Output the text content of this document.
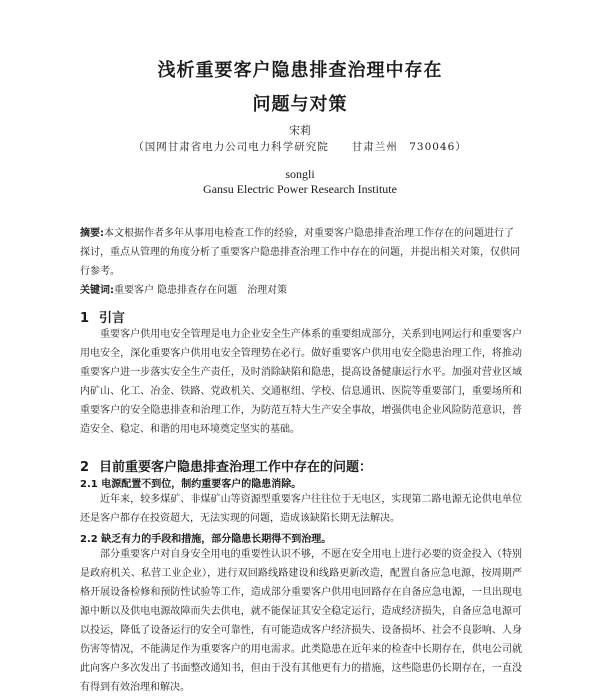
浅析重要客户隐患排查治理中存在
问题与对策
宋莉
（国网甘肃省电力公司电力科学研究院　　甘肃兰州　730046）
songli
Gansu Electric Power Research Institute
摘要:本文根据作者多年从事用电检查工作的经验，对重要客户隐患排查治理工作存在的问题进行了探讨，重点从管理的角度分析了重要客户隐患排查治理工作中存在的问题，并提出相关对策，仅供同行参考。
关键词:重要客户 隐患排查存在问题　治理对策
1 引言
重要客户供用电安全管理是电力企业安全生产体系的重要组成部分，关系到电网运行和重要客户用电安全，深化重要客户供用电安全管理势在必行。做好重要客户供用电安全隐患治理工作，将推动重要客户进一步落实安全生产责任，及时消除缺陷和隐患，提高设备健康运行水平。加强对营业区域内矿山、化工、冶金、铁路、党政机关、交通枢纽、学校、信息通讯、医院等重要部门，重要场所和重要客户的安全隐患排查和治理工作，为防范互特大生产安全事故，增强供电企业风险防范意识，普造安全、稳定、和谐的用电环境奠定坚实的基础。
2 目前重要客户隐患排查治理工作中存在的问题：
2.1 电源配置不到位，制约重要客户的隐患消除。
近年来，较多煤矿、非煤矿山等资源型重要客户往往位于无电区，实现第二路电源无论供电单位还是客户都存在投资超大，无法实现的问题，造成该缺陷长期无法解决。
2.2 缺乏有力的手段和措施，部分隐患长期得不到治理。
部分重要客户对自身安全用电的重要性认识不够，不愿在安全用电上进行必要的资金投入（特别是政府机关、私营工业企业），进行双回路线路建设和线路更新改造，配置自备应急电源，按周期严格开展设备检修和预防性试验等工作，造成部分重要客户供用电回路存在自备应急电源，一旦出现电源中断以及供电电源故障而失去供电，就不能保证其安全稳定运行，造成经济损失，自备应急电源可以投运，降低了设备运行的安全可靠性，有可能造成客户经济损失、设备损坏、社会不良影响、人身伤害等情况，不能满足作为重要客户的用电需求。此类隐患在近年来的检查中长期存在，供电公司就此向客户多次发出了书面整改通知书，但由于没有其他更有力的措施，这些隐患仍长期存在，一直没有得到有效治理和解决。
